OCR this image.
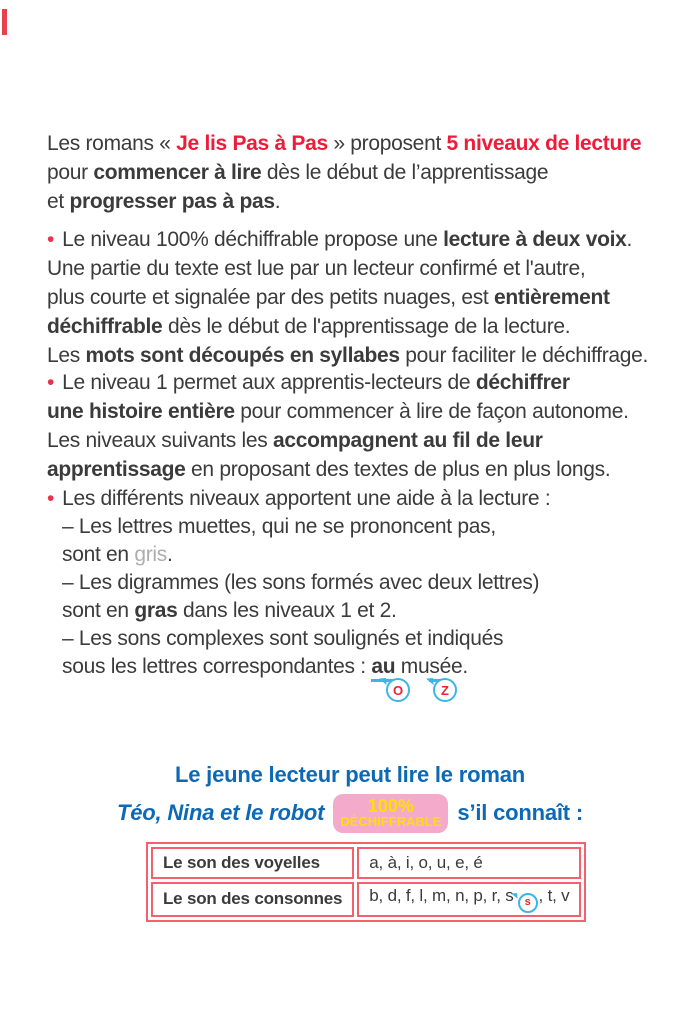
Les romans « Je lis Pas à Pas » proposent 5 niveaux de lecture
pour commencer à lire dès le début de l’apprentissage
et progresser pas à pas.
• Le niveau 100% déchiffrable propose une lecture à deux voix.
Une partie du texte est lue par un lecteur confirmé et l'autre,
plus courte et signalée par des petits nuages, est entièrement
déchiffrable dès le début de l'apprentissage de la lecture.
Les mots sont découpés en syllabes pour faciliter le déchiffrage.
• Le niveau 1 permet aux apprentis-lecteurs de déchiffrer
une histoire entière pour commencer à lire de façon autonome.
Les niveaux suivants les accompagnent au fil de leur
apprentissage en proposant des textes de plus en plus longs.
• Les différents niveaux apportent une aide à la lecture :
– Les lettres muettes, qui ne se prononcent pas,
sont en gris.
– Les digrammes (les sons formés avec deux lettres)
sont en gras dans les niveaux 1 et 2.
– Les sons complexes sont soulignés et indiqués
sous les lettres correspondantes : au musée.
O	Z
Le jeune lecteur peut lire le roman
Téo, Nina et le robot	100%
DÉCHIFFRABLE s’il connaît :
Le son des voyelles	a, à, i, o, u, e, é
Le son des consonnes	b, d, f, l, m, n, p, r, s s , t, v
